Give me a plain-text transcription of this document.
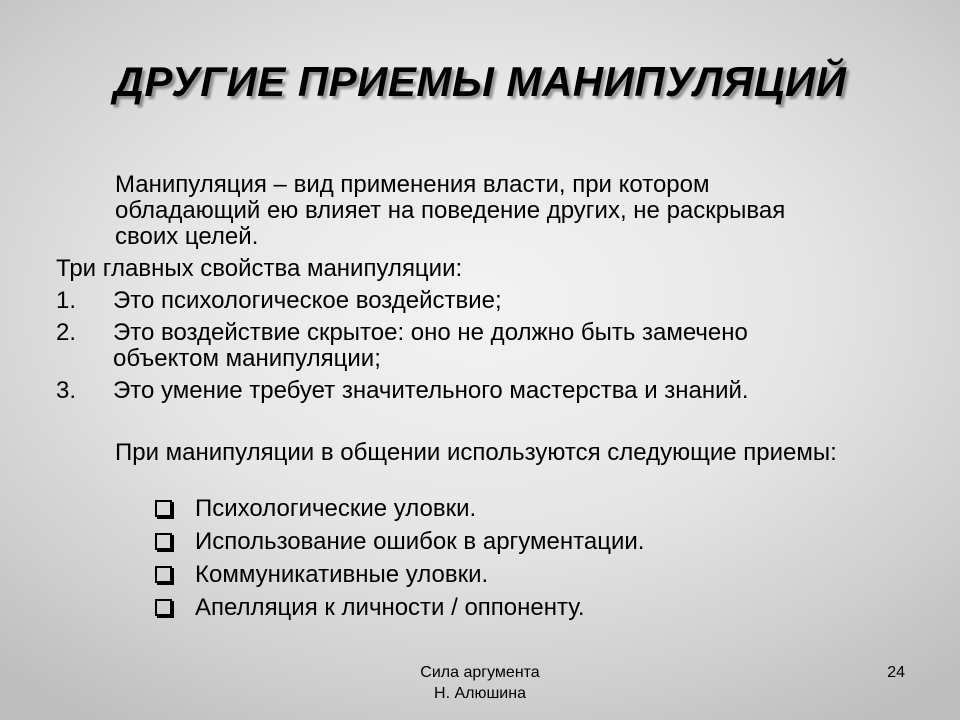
ДРУГИЕ ПРИЕМЫ МАНИПУЛЯЦИЙ

Манипуляция – вид применения власти, при котором обладающий ею влияет на поведение других, не раскрывая своих целей.

Три главных свойства манипуляции:

1. Это психологическое воздействие;
2. Это воздействие скрытое: оно не должно быть замечено объектом манипуляции;
3. Это умение требует значительного мастерства и знаний.

При манипуляции в общении используются следующие приемы:

Психологические уловки.
Использование ошибок в аргументации.
Коммуникативные уловки.
Апелляция к личности / оппоненту.
Сила аргумента
Н. Алюшина
24
